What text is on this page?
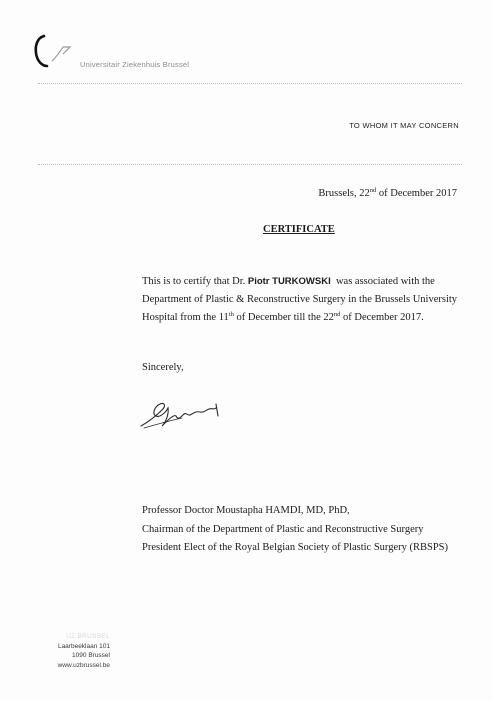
Universitair Ziekenhuis Brussel
TO WHOM IT MAY CONCERN
Brussels, 22nd of December 2017
CERTIFICATE
This is to certify that Dr. Piotr TURKOWSKI  was associated with the
Department of Plastic & Reconstructive Surgery in the Brussels University
Hospital from the 11th of December till the 22nd of December 2017.
Sincerely,
Professor Doctor Moustapha HAMDI, MD, PhD,
Chairman of the Department of Plastic and Reconstructive Surgery
President Elect of the Royal Belgian Society of Plastic Surgery (RBSPS)
UZ BRUSSEL
Laarbeeklaan 101
1090 Brussel
www.uzbrussel.be
